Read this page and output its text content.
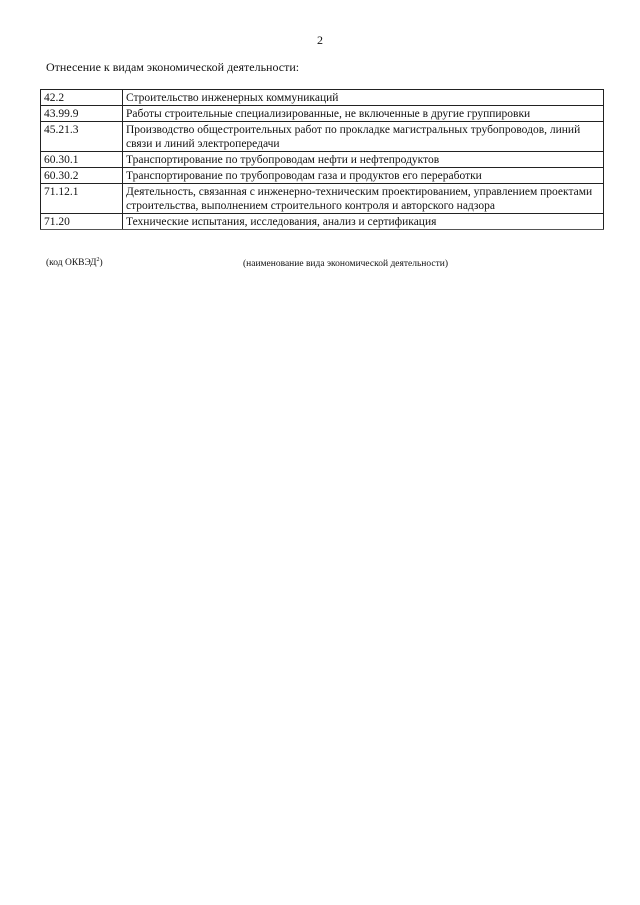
2
Отнесение к видам экономической деятельности:
42.2	Строительство инженерных коммуникаций
43.99.9	Работы строительные специализированные, не включенные в другие группировки
45.21.3	Производство общестроительных работ по прокладке магистральных трубопроводов, линий связи и линий электропередачи
60.30.1	Транспортирование по трубопроводам нефти и нефтепродуктов
60.30.2	Транспортирование по трубопроводам газа и продуктов его переработки
71.12.1	Деятельность, связанная с инженерно-техническим проектированием, управлением проектами строительства, выполнением строительного контроля и авторского надзора
71.20	Технические испытания, исследования, анализ и сертификация
(код ОКВЭД$^2$)	(наименование вида экономической деятельности)
